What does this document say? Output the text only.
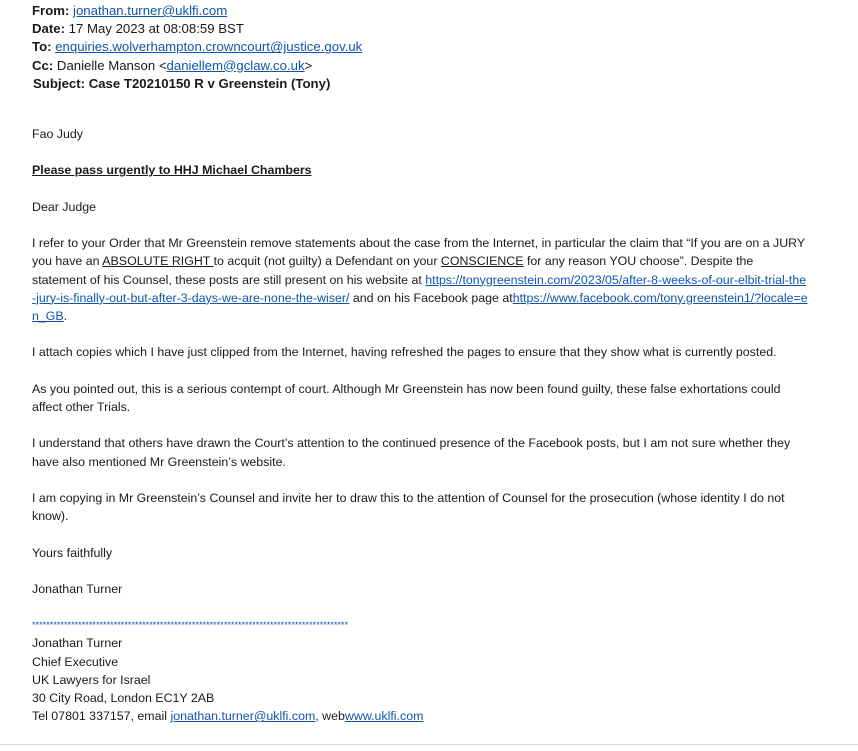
From: jonathan.turner@uklfi.com
Date: 17 May 2023 at 08:08:59 BST
To: enquiries.wolverhampton.crowncourt@justice.gov.uk
Cc: Danielle Manson <daniellem@gclaw.co.uk>
Subject: Case T20210150 R v Greenstein (Tony)

Fao Judy

Please pass urgently to HHJ Michael Chambers

Dear Judge

I refer to your Order that Mr Greenstein remove statements about the case from the Internet, in particular the claim that “If you are on a JURY you have an ABSOLUTE RIGHT to acquit (not guilty) a Defendant on your CONSCIENCE for any reason YOU choose”. Despite the statement of his Counsel, these posts are still present on his website at https://tonygreenstein.com/2023/05/after-8-weeks-of-our-elbit-trial-the-jury-is-finally-out-but-after-3-days-we-are-none-the-wiser/ and on his Facebook page athttps://www.facebook.com/tony.greenstein1/?locale=en_GB.

I attach copies which I have just clipped from the Internet, having refreshed the pages to ensure that they show what is currently posted.

As you pointed out, this is a serious contempt of court. Although Mr Greenstein has now been found guilty, these false exhortations could affect other Trials.

I understand that others have drawn the Court’s attention to the continued presence of the Facebook posts, but I am not sure whether they have also mentioned Mr Greenstein’s website.

I am copying in Mr Greenstein’s Counsel and invite her to draw this to the attention of Counsel for the prosecution (whose identity I do not know).

Yours faithfully

Jonathan Turner

*****************************************************************************************
Jonathan Turner
Chief Executive
UK Lawyers for Israel
30 City Road, London EC1Y 2AB
Tel 07801 337157, email jonathan.turner@uklfi.com, webwww.uklfi.com
